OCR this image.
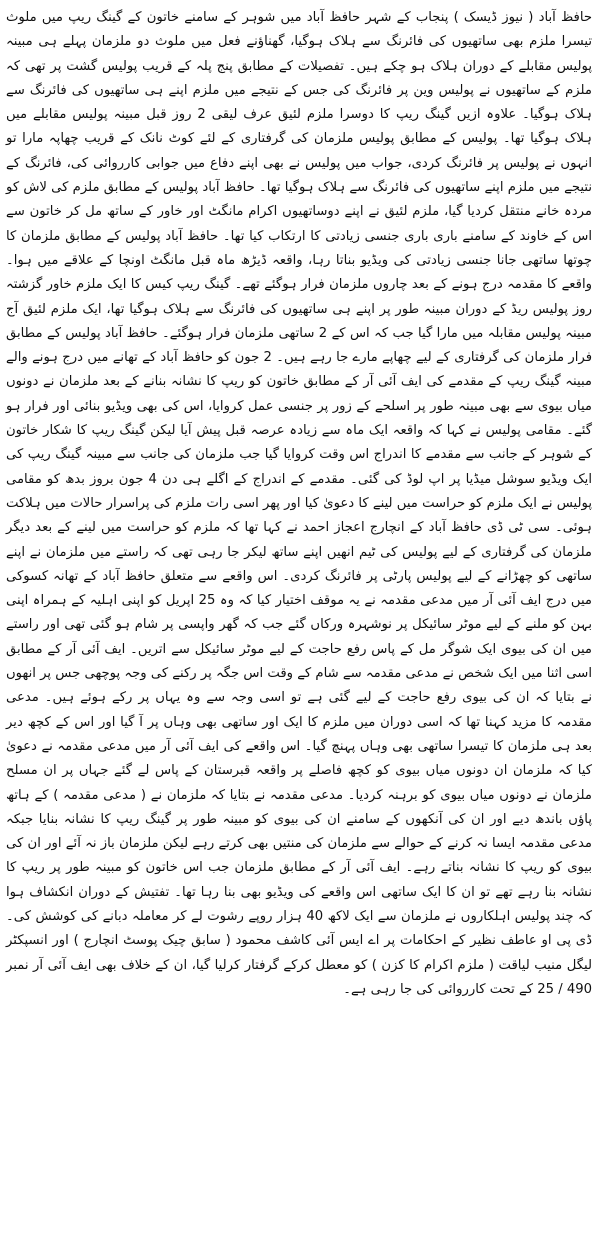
حافظ آباد ( نیوز ڈیسک ) پنجاب کے شہر حافظ آباد میں شوہر کے سامنے خاتون کے گینگ ریپ میں ملوث تیسرا ملزم بھی ساتھیوں کی فائرنگ سے ہلاک ہوگیا، گھناؤنے فعل میں ملوث دو ملزمان پہلے ہی مبینہ پولیس مقابلے کے دوران ہلاک ہو چکے ہیں۔ تفصیلات کے مطابق پنج پلہ کے قریب پولیس گشت پر تھی کہ ملزم کے ساتھیوں نے پولیس وین پر فائرنگ کی جس کے نتیجے میں ملزم اپنے ہی ساتھیوں کی فائرنگ سے ہلاک ہوگیا۔ علاوہ ازیں گینگ ریپ کا دوسرا ملزم لئیق عرف لیقی 2 روز قبل مبینہ پولیس مقابلے میں ہلاک ہوگیا تھا۔ پولیس کے مطابق پولیس ملزمان کی گرفتاری کے لئے کوٹ نانک کے قریب چھاپہ مارا تو انہوں نے پولیس پر فائرنگ کردی، جواب میں پولیس نے بھی اپنے دفاع میں جوابی کارروائی کی، فائرنگ کے نتیجے میں ملزم اپنے ساتھیوں کی فائرنگ سے ہلاک ہوگیا تھا۔ حافظ آباد پولیس کے مطابق ملزم کی لاش کو مردہ خانے منتقل کردیا گیا، ملزم لئیق نے اپنے دوساتھیوں اکرام مانگٹ اور خاور کے ساتھ مل کر خاتون سے اس کے خاوند کے سامنے باری باری جنسی زیادتی کا ارتکاب کیا تھا۔ حافظ آباد پولیس کے مطابق ملزمان کا چوتھا ساتھی جانا جنسی زیادتی کی ویڈیو بناتا رہا، واقعہ ڈیڑھ ماہ قبل مانگٹ اونچا کے علاقے میں ہوا۔ واقعے کا مقدمہ درج ہونے کے بعد چاروں ملزمان فرار ہوگئے تھے۔ گینگ ریپ کیس کا ایک ملزم خاور گزشتہ روز پولیس ریڈ کے دوران مبینہ طور پر اپنے ہی ساتھیوں کی فائرنگ سے ہلاک ہوگیا تھا، ایک ملزم لئیق آج مبینہ پولیس مقابلہ میں مارا گیا جب کہ اس کے 2 ساتھی ملزمان فرار ہوگئے۔ حافظ آباد پولیس کے مطابق فرار ملزمان کی گرفتاری کے لیے چھاپے مارے جا رہے ہیں۔ 2 جون کو حافظ آباد کے تھانے میں درج ہونے والے مبینہ گینگ ریپ کے مقدمے کی ایف آئی آر کے مطابق خاتون کو ریپ کا نشانہ بنانے کے بعد ملزمان نے دونوں میاں بیوی سے بھی مبینہ طور پر اسلحے کے زور پر جنسی عمل کروایا، اس کی بھی ویڈیو بنائی اور فرار ہو گئے۔ مقامی پولیس نے کہا کہ واقعہ ایک ماہ سے زیادہ عرصہ قبل پیش آیا لیکن گینگ ریپ کا شکار خاتون کے شوہر کے جانب سے مقدمے کا اندراج اس وقت کروایا گیا جب ملزمان کی جانب سے مبینہ گینگ ریپ کی ایک ویڈیو سوشل میڈیا پر اپ لوڈ کی گئی۔ مقدمے کے اندراج کے اگلے ہی دن 4 جون بروز بدھ کو مقامی پولیس نے ایک ملزم کو حراست میں لینے کا دعویٰ کیا اور پھر اسی رات ملزم کی پراسرار حالات میں ہلاکت ہوئی۔ سی ٹی ڈی حافظ آباد کے انچارج اعجاز احمد نے کہا تھا کہ ملزم کو حراست میں لینے کے بعد دیگر ملزمان کی گرفتاری کے لیے پولیس کی ٹیم انھیں اپنے ساتھ لیکر جا رہی تھی کہ راستے میں ملزمان نے اپنے ساتھی کو چھڑانے کے لیے پولیس پارٹی پر فائرنگ کردی۔ اس واقعے سے متعلق حافظ آباد کے تھانہ کسوکی میں درج ایف آئی آر میں مدعی مقدمہ نے یہ موقف اختیار کیا کہ وہ 25 اپریل کو اپنی اہلیہ کے ہمراہ اپنی بہن کو ملنے کے لیے موٹر سائیکل پر نوشہرہ ورکاں گئے جب کہ گھر واپسی پر شام ہو گئی تھی اور راستے میں ان کی بیوی ایک شوگر مل کے پاس رفع حاجت کے لیے موٹر سائیکل سے اتریں۔ ایف آئی آر کے مطابق اسی اثنا میں ایک شخص نے مدعی مقدمہ سے شام کے وقت اس جگہ پر رکنے کی وجہ پوچھی جس پر انھوں نے بتایا کہ ان کی بیوی رفع حاجت کے لیے گئی ہے تو اسی وجہ سے وہ یہاں پر رکے ہوئے ہیں۔ مدعی مقدمہ کا مزید کہنا تھا کہ اسی دوران میں ملزم کا ایک اور ساتھی بھی وہاں پر آ گیا اور اس کے کچھ دیر بعد ہی ملزمان کا تیسرا ساتھی بھی وہاں پہنچ گیا۔ اس واقعے کی ایف آئی آر میں مدعی مقدمہ نے دعویٰ کیا کہ ملزمان ان دونوں میاں بیوی کو کچھ فاصلے پر واقعہ قبرستان کے پاس لے گئے جہاں پر ان مسلح ملزمان نے دونوں میاں بیوی کو برہنہ کردیا۔ مدعی مقدمہ نے بتایا کہ ملزمان نے ( مدعی مقدمہ ) کے ہاتھ پاؤں باندھ دیے اور ان کی آنکھوں کے سامنے ان کی بیوی کو مبینہ طور پر گینگ ریپ کا نشانہ بنایا جبکہ مدعی مقدمہ ایسا نہ کرنے کے حوالے سے ملزمان کی منتیں بھی کرتے رہے لیکن ملزمان باز نہ آئے اور ان کی بیوی کو ریپ کا نشانہ بناتے رہے۔ ایف آئی آر کے مطابق ملزمان جب اس خاتون کو مبینہ طور پر ریپ کا نشانہ بنا رہے تھے تو ان کا ایک ساتھی اس واقعے کی ویڈیو بھی بنا رہا تھا۔ تفتیش کے دوران انکشاف ہوا کہ چند پولیس اہلکاروں نے ملزمان سے ایک لاکھ 40 ہزار روپے رشوت لے کر معاملہ دبانے کی کوشش کی۔ ڈی پی او عاطف نظیر کے احکامات پر اے ایس آئی کاشف محمود ( سابق چیک پوسٹ انچارج ) اور انسپکٹر لیگل منیب لیاقت ( ملزم اکرام کا کزن ) کو معطل کرکے گرفتار کرلیا گیا، ان کے خلاف بھی ایف آئی آر نمبر 490 / 25 کے تحت کارروائی کی جا رہی ہے۔
